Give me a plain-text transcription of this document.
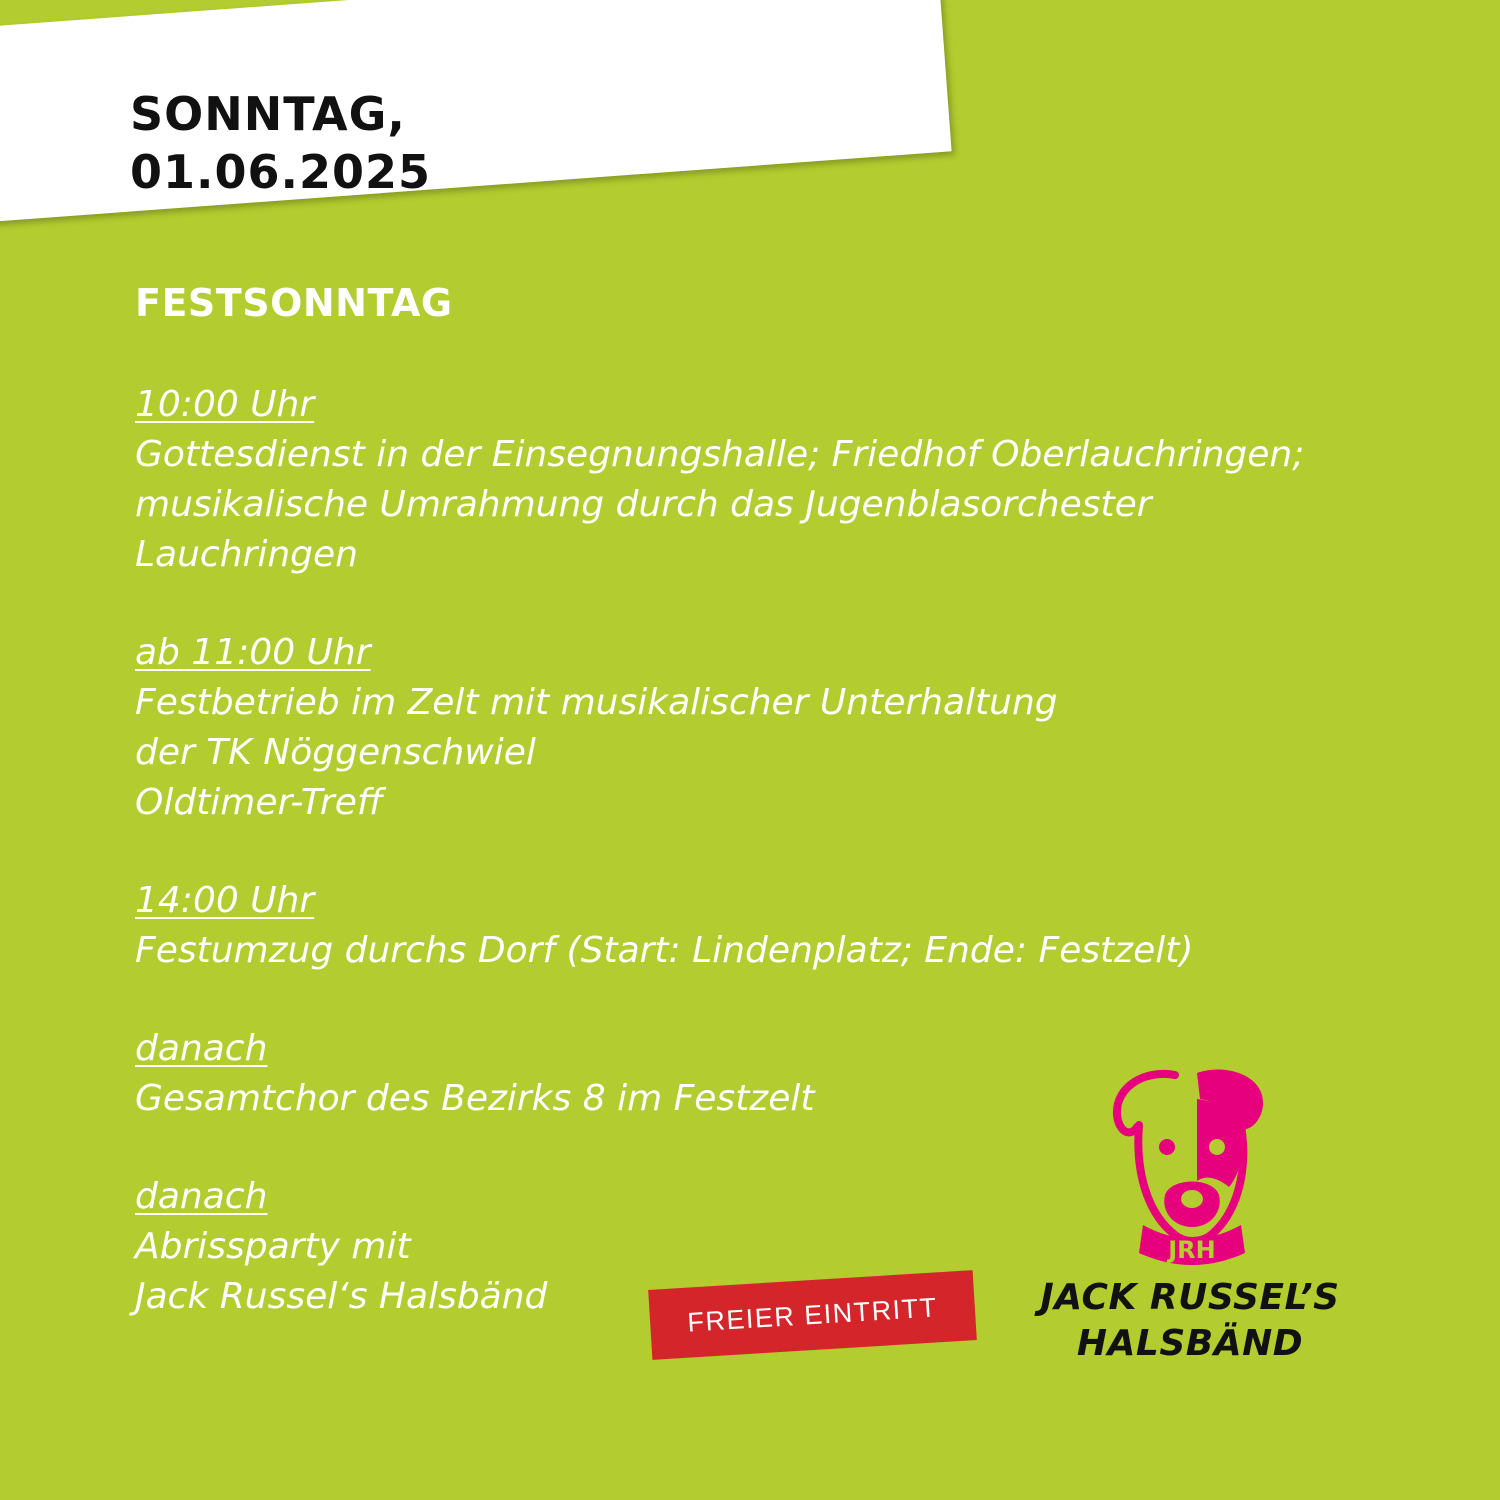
SONNTAG,
01.06.2025

FESTSONNTAG

10:00 Uhr
Gottesdienst in der Einsegnungshalle; Friedhof Oberlauchringen;
musikalische Umrahmung durch das Jugenblasorchester
Lauchringen
ab 11:00 Uhr
Festbetrieb im Zelt mit musikalischer Unterhaltung
der TK Nöggenschwiel
Oldtimer-Treff
14:00 Uhr
Festumzug durchs Dorf (Start: Lindenplatz; Ende: Festzelt)
danach
Gesamtchor des Bezirks 8 im Festzelt
danach
Abrissparty mit
Jack Russel‘s Halsbänd	FREIER EINTRITT
JRH
JACK RUSSEL’S
HALSBÄND
